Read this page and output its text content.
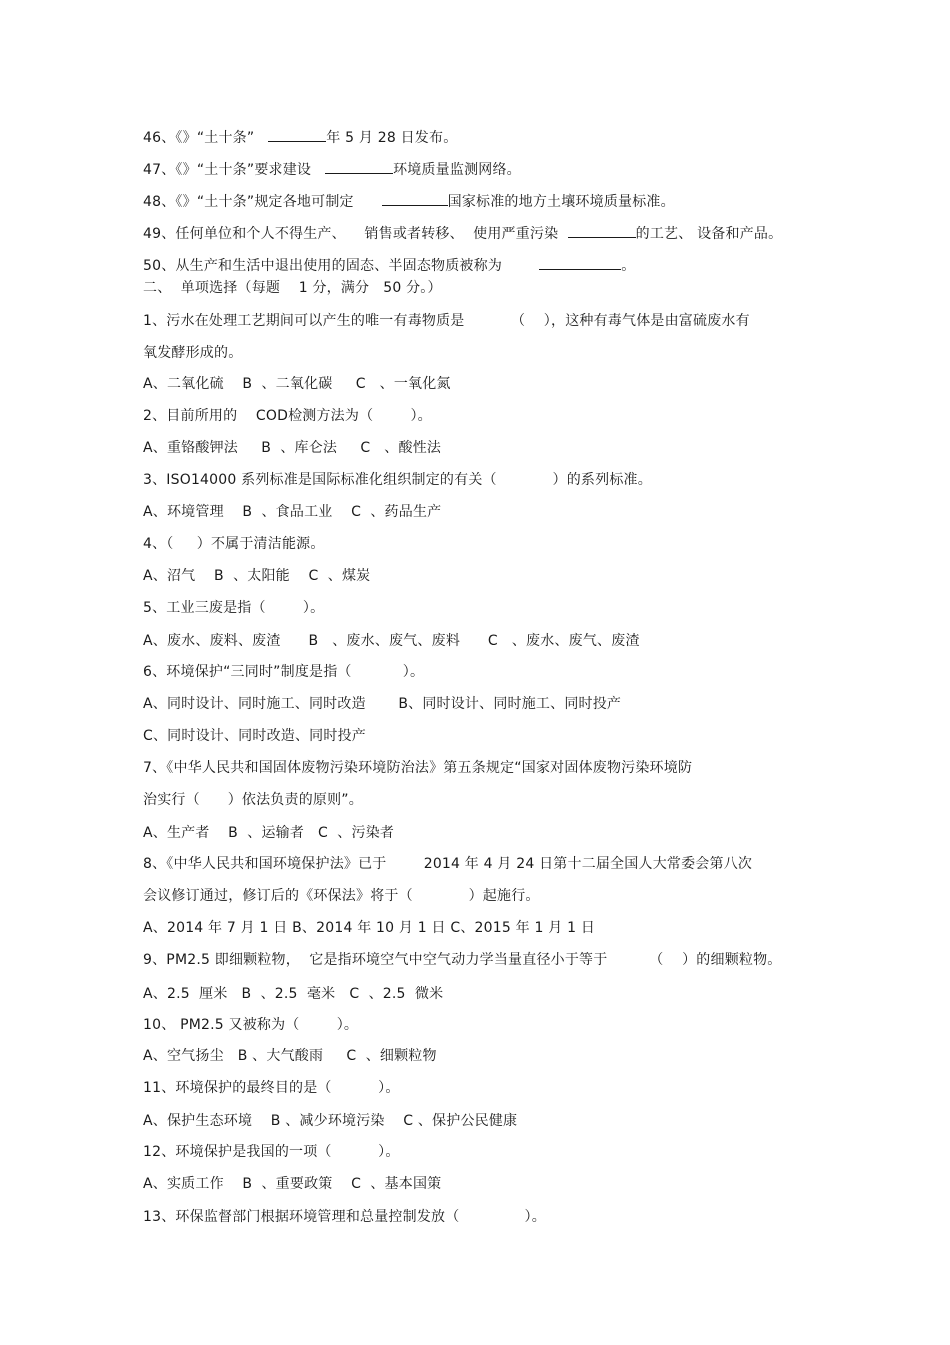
46、《》“土十条”	年 5 月 28 日发布。
47、《》“土十条”要求建设	环境质量监测网络。
48、《》“土十条”规定各地可制定	国家标准的地方土壤环境质量标准。
49、任何单位和个人不得生产、    销售或者转移、  使用严重污染	的工艺、 设备和产品。
50、从生产和生活中退出使用的固态、半固态物质被称为	。
二、  单项选择（每题    1 分，满分   50 分。）
1、污水在处理工艺期间可以产生的唯一有毒物质是          （    ），这种有毒气体是由富硫废水有
氧发酵形成的。
A、二氧化硫    B  、二氧化碳     C   、一氧化氮
2、目前所用的    COD检测方法为（        ）。
A、重铬酸钾法     B  、库仑法     C   、酸性法
3、ISO14000 系列标准是国际标准化组织制定的有关（            ）的系列标准。
A、环境管理    B  、食品工业    C  、药品生产
4、（     ）不属于清洁能源。
A、沼气    B  、太阳能    C  、煤炭
5、工业三废是指（        ）。
A、废水、废料、废渣      B   、废水、废气、废料      C   、废水、废气、废渣
6、环境保护“三同时”制度是指（           ）。
A、同时设计、同时施工、同时改造       B、同时设计、同时施工、同时投产
C、同时设计、同时改造、同时投产
7、《中华人民共和国固体废物污染环境防治法》第五条规定“国家对固体废物污染环境防
治实行（      ）依法负责的原则”。
A、生产者    B  、运输者   C  、污染者
8、《中华人民共和国环境保护法》已于        2014 年 4 月 24 日第十二届全国人大常委会第八次
会议修订通过，修订后的《环保法》将于（            ）起施行。
A、2014 年 7 月 1 日 B、2014 年 10 月 1 日 C、2015 年 1 月 1 日
9、PM2.5 即细颗粒物，  它是指环境空气中空气动力学当量直径小于等于         （    ）的细颗粒物。
A、2.5  厘米   B  、2.5  毫米   C  、2.5  微米
10、 PM2.5 又被称为（        ）。
A、空气扬尘   B 、大气酸雨     C  、细颗粒物
11、环境保护的最终目的是（          ）。
A、保护生态环境    B 、减少环境污染    C 、保护公民健康
12、环境保护是我国的一项（          ）。
A、实质工作    B  、重要政策    C  、基本国策
13、环保监督部门根据环境管理和总量控制发放（              ）。
